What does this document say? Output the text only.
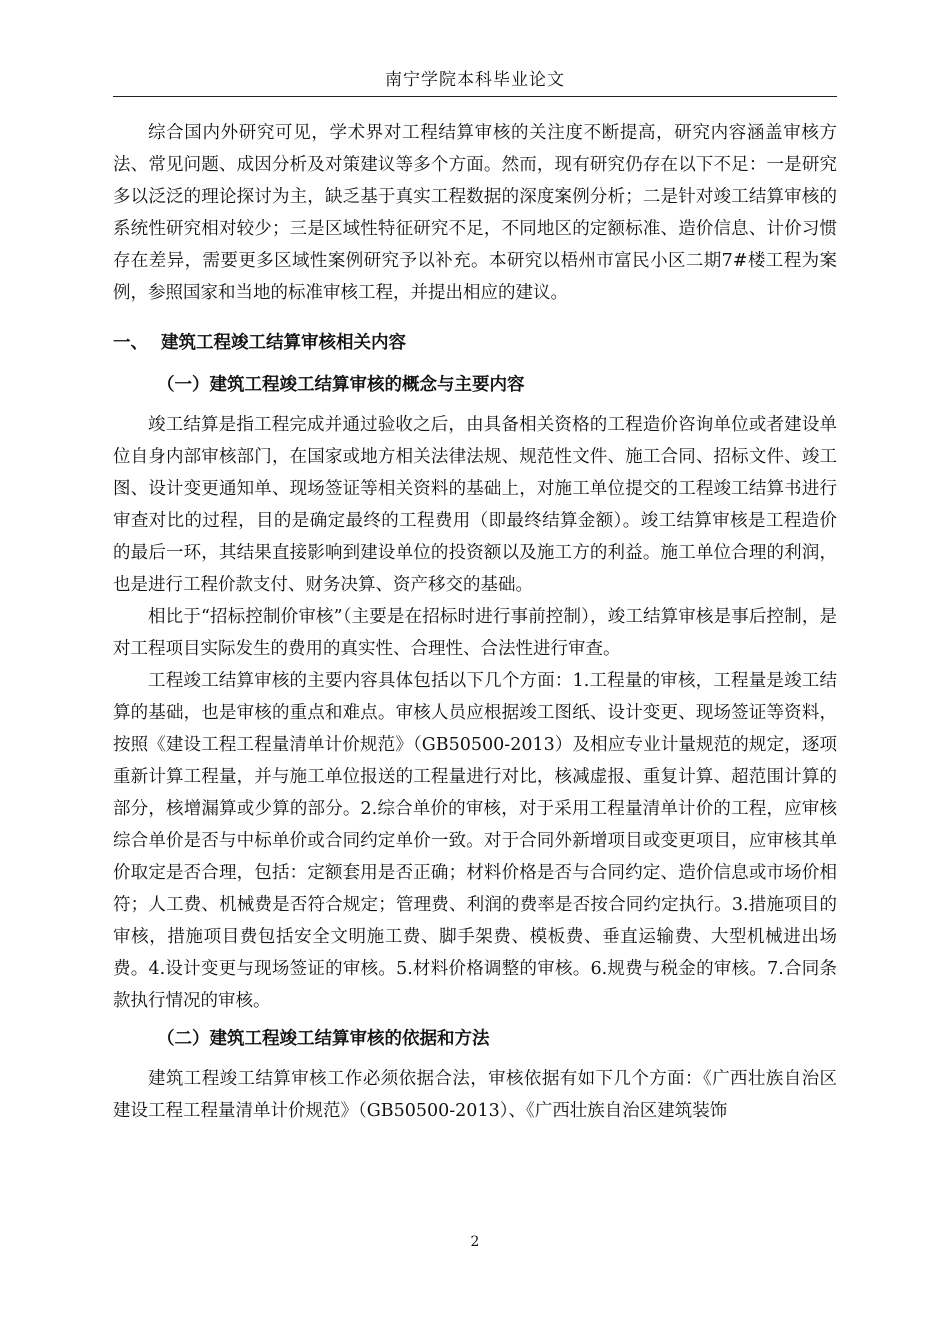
南宁学院本科毕业论文

综合国内外研究可见，学术界对工程结算审核的关注度不断提高，研究内容涵盖审核方法、常见问题、成因分析及对策建议等多个方面。然而，现有研究仍存在以下不足：一是研究多以泛泛的理论探讨为主，缺乏基于真实工程数据的深度案例分析；二是针对竣工结算审核的系统性研究相对较少；三是区域性特征研究不足，不同地区的定额标准、造价信息、计价习惯存在差异，需要更多区域性案例研究予以补充。本研究以梧州市富民小区二期7#楼工程为案例，参照国家和当地的标准审核工程，并提出相应的建议。

一、 建筑工程竣工结算审核相关内容
（一）建筑工程竣工结算审核的概念与主要内容

竣工结算是指工程完成并通过验收之后，由具备相关资格的工程造价咨询单位或者建设单位自身内部审核部门，在国家或地方相关法律法规、规范性文件、施工合同、招标文件、竣工图、设计变更通知单、现场签证等相关资料的基础上，对施工单位提交的工程竣工结算书进行审查对比的过程，目的是确定最终的工程费用（即最终结算金额）。竣工结算审核是工程造价的最后一环，其结果直接影响到建设单位的投资额以及施工方的利益。施工单位合理的利润，也是进行工程价款支付、财务决算、资产移交的基础。

相比于“招标控制价审核”（主要是在招标时进行事前控制），竣工结算审核是事后控制，是对工程项目实际发生的费用的真实性、合理性、合法性进行审查。

工程竣工结算审核的主要内容具体包括以下几个方面：1.工程量的审核，工程量是竣工结算的基础，也是审核的重点和难点。审核人员应根据竣工图纸、设计变更、现场签证等资料，按照《建设工程工程量清单计价规范》（GB50500-2013）及相应专业计量规范的规定，逐项重新计算工程量，并与施工单位报送的工程量进行对比，核减虚报、重复计算、超范围计算的部分，核增漏算或少算的部分。2.综合单价的审核，对于采用工程量清单计价的工程，应审核综合单价是否与中标单价或合同约定单价一致。对于合同外新增项目或变更项目，应审核其单价取定是否合理，包括：定额套用是否正确；材料价格是否与合同约定、造价信息或市场价相符；人工费、机械费是否符合规定；管理费、利润的费率是否按合同约定执行。3.措施项目的审核，措施项目费包括安全文明施工费、脚手架费、模板费、垂直运输费、大型机械进出场费。4.设计变更与现场签证的审核。5.材料价格调整的审核。6.规费与税金的审核。7.合同条款执行情况的审核。

（二）建筑工程竣工结算审核的依据和方法

建筑工程竣工结算审核工作必须依据合法，审核依据有如下几个方面：《广西壮族自治区建设工程工程量清单计价规范》（GB50500-2013）、《广西壮族自治区建筑装饰

2
